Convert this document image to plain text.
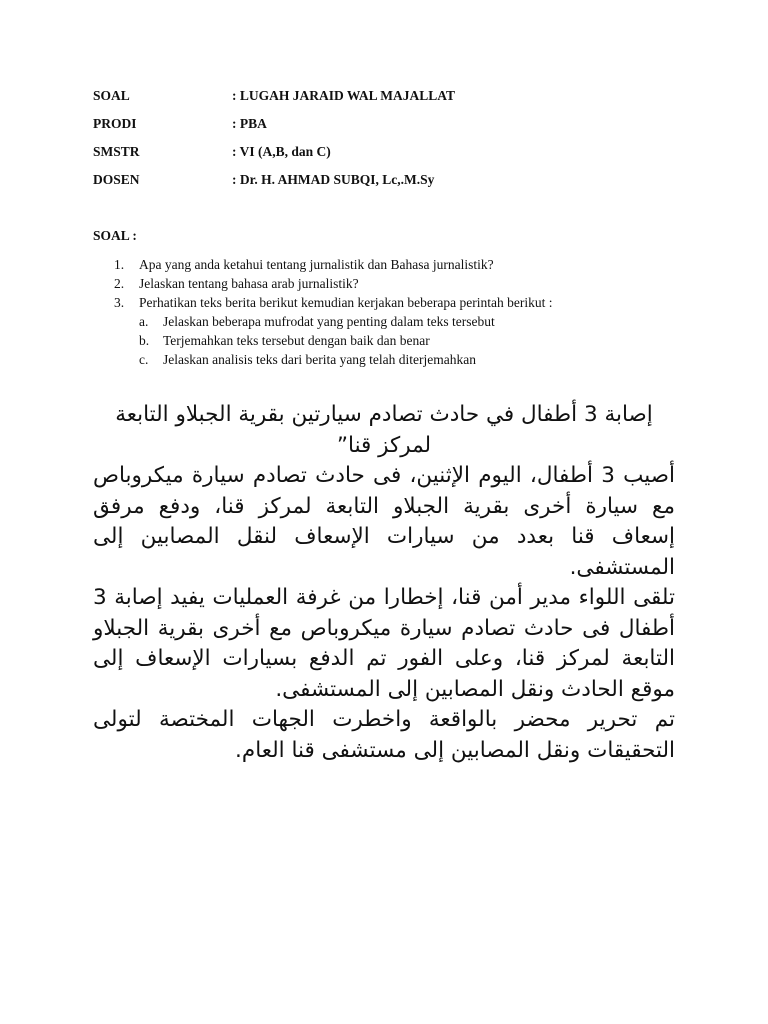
SOAL	: LUGAH JARAID WAL MAJALLAT
PRODI	: PBA
SMSTR	: VI (A,B, dan C)
DOSEN	: Dr. H. AHMAD SUBQI, Lc,.M.Sy
SOAL :
1.	Apa yang anda ketahui tentang jurnalistik dan Bahasa jurnalistik?
2.	Jelaskan tentang bahasa arab jurnalistik?
3.	Perhatikan teks berita berikut kemudian kerjakan beberapa perintah berikut :
a.	Jelaskan beberapa mufrodat yang penting dalam teks tersebut
b.	Terjemahkan teks tersebut dengan baik dan benar
c.	Jelaskan analisis teks dari berita yang telah diterjemahkan

إصابة 3 أطفال في حادث تصادم سيارتين بقرية الجبلاو التابعة لمركز قنا”

أصيب 3 أطفال، اليوم الإثنين، فى حادث تصادم سيارة ميكروباص مع سيارة أخرى بقرية الجبلاو التابعة لمركز قنا، ودفع مرفق إسعاف قنا بعدد من سيارات الإسعاف لنقل المصابين إلى المستشفى.

تلقى اللواء مدير أمن قنا، إخطارا من غرفة العمليات يفيد إصابة 3 أطفال فى حادث تصادم سيارة ميكروباص مع أخرى بقرية الجبلاو التابعة لمركز قنا، وعلى الفور تم الدفع بسيارات الإسعاف إلى موقع الحادث ونقل المصابين إلى المستشفى.

تم تحرير محضر بالواقعة واخطرت الجهات المختصة لتولى التحقيقات ونقل المصابين إلى مستشفى قنا العام.
